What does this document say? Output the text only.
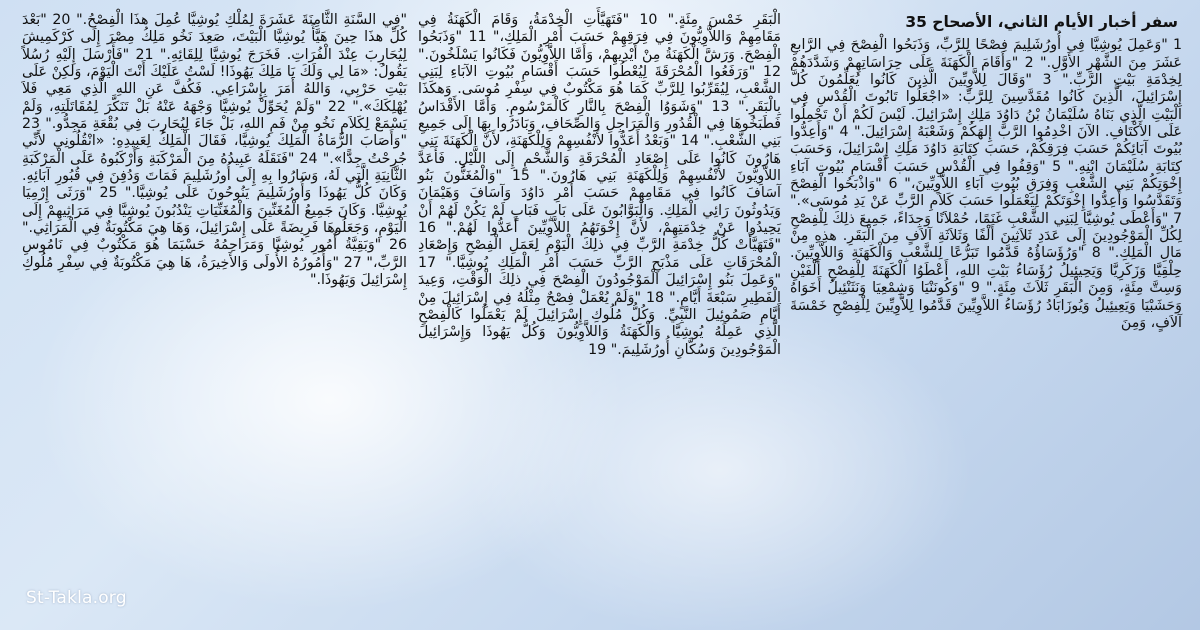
سفر أخبار الأيام الثاني، الأصحاح 35

1 "وَعَمِلَ يُوشِيَّا فِي أُورُشَلِيمَ فِصْحًا لِلرَّبِّ، وَذَبَحُوا الْفِصْحَ فِي الرَّابعِ عَشَرَ مِنَ الشَّهْرِ الأَوَّلِ." 2 "وَأَقَامَ الْكَهَنَةَ عَلَى حِرَاسَاتِهِمْ وَشَدَّدَهُمْ لِخِدْمَةِ بَيْتِ الرَّبِّ." 3 "وَقَالَ لِلاَّوِيِّينَ الَّذِينَ كَانُوا يُعَلِّمُونَ كُلَّ إِسْرَائِيلَ، الَّذِينَ كَانُوا مُقَدَّسِينَ لِلرَّبِّ: «اجْعَلُوا تَابُوتَ الْقُدْسِ فِي الْبَيْتِ الَّذِي بَنَاهُ سُلَيْمَانُ بْنُ دَاوُدَ مَلِكِ إِسْرَائِيلَ. لَيْسَ لَكُمْ أَنْ تَحْمِلُوا عَلَى الأَكْتَافِ. الآنَ اخْدِمُوا الرَّبَّ إِلهَكُمْ وَشَعْبَهُ إِسْرَائِيلَ." 4 "وَأَعِدُّوا بُيُوتَ آبَائِكُمْ حَسَبَ فِرَقِكُمْ، حَسَبَ كِتَابَةِ دَاوُدَ مَلِكِ إِسْرَائِيلَ، وَحَسَبَ كِتَابَةِ سُلَيْمَانَ ابْنِهِ." 5 "وَقِفُوا فِي الْقُدْسِ حَسَبَ أَقْسَامِ بُيُوتِ آبَاءِ إِخْوَتِكُمْ بَنِي الشَّعْبِ وَفِرَقِ بُيُوتِ آبَاءِ اللاَّوِيِّينَ،" 6 "وَاذْبَحُوا الْفِصْحَ وَتَقَدَّسُوا وَأَعِدُّوا إِخْوَتَكُمْ لِيَعْمَلُوا حَسَبَ كَلاَمِ الرَّبِّ عَنْ يَدِ مُوسَى»." 7 "وَأَعْطَى يُوشِيَّا لِبَنِي الشَّعْبِ غَنَمًا، حُمْلاَنًا وَجِدَاءً، جَمِيعَ ذلِكَ لِلْفِصْحِ لِكُلِّ الْمَوْجُودِينَ إِلَى عَدَدِ ثَلاَثِينَ أَلْفًا وَثَلاَثَةِ آلاَفٍ مِنَ الْبَقَرِ. هذِهِ مِنْ مَالِ الْمَلِكِ." 8 "وَرُؤَسَاؤُهُ قَدَّمُوا تَبَرُّعًا لِلشَّعْبِ وَالْكَهَنَةِ وَاللاَّوِيِّينَ. حِلْقِيَّا وَزَكَرِيَّا وَيَحِيئِيلُ رُؤَسَاءُ بَيْتِ اللهِ، أَعْطَوُا الْكَهَنَةَ لِلْفِصْحِ أَلْفَيْنِ وَسِتَّ مِئَةٍ، وَمِنَ الْبَقَرِ ثَلاَثَ مِئَةٍ." 9 "وَكُونَنْيَا وَشِمْعِيَا وَنَثَنْئِيلُ أَخَوَاهُ وَحَشَبْيَا وَيَعِيئِيلُ وَيُوزَابَادُ رُؤَسَاءُ اللاَّوِيِّينَ قَدَّمُوا لِلاَّوِيِّينَ لِلْفِصْحِ خَمْسَةَ آلاَفٍ، وَمِنَ

الْبَقَرِ خَمْسَ مِئَةٍ." 10 "فَتَهَيَّأَتِ الْخِدْمَةُ، وَقَامَ الْكَهَنَةُ فِي مَقَامِهِمْ وَاللاَّوِيُّونَ فِي فِرَقِهِمْ حَسَبَ أَمْرِ الْمَلِكِ،" 11 "وَذَبَحُوا الْفِصْحَ. وَرَشَّ الْكَهَنَةُ مِنْ أَيْدِيهِمْ، وَأَمَّا اللاَّوِيُّونَ فَكَانُوا يَسْلَخُونَ." 12 "وَرَفَعُوا الْمُحْرَقَةَ لِيُعْطُوا حَسَبَ أَقْسَامِ بُيُوتِ الآبَاءِ لِبَنِي الشَّعْبِ، لِيُقَرِّبُوا لِلرَّبِّ كَمَا هُوَ مَكْتُوبٌ فِي سِفْرِ مُوسَى. وَهكَذَا بِالْبَقَرِ." 13 "وَشَوَوُا الْفِصْحَ بِالنَّارِ كَالْمَرْسُومِ. وَأَمَّا الأَقْدَاسُ فَطَبَخُوهَا فِي الْقُدُورِ وَالْمَرَاجِلِ وَالصِّحَافِ، وَبَادَرُوا بِهَا إِلَى جَمِيعِ بَنِي الشَّعْبِ." 14 "وَبَعْدُ أَعَدُّوا لأَنْفُسِهِمْ وَلِلْكَهَنَةِ، لأَنَّ الْكَهَنَةَ بَنِي هَارُونَ كَانُوا عَلَى إِصْعَادِ الْمُحْرَقَةِ وَالشَّحْمِ إِلَى اللَّيْلِ. فَأَعَدَّ اللاَّوِيُّونَ لأَنْفُسِهِمْ وَلِلْكَهَنَةِ بَنِي هَارُونَ." 15 "وَالْمُغَنُّونَ بَنُو آسَافَ كَانُوا فِي مَقَامِهِمْ حَسَبَ أَمْرِ دَاوُدَ وَآسَافَ وَهَيْمَانَ وَيَدُوثُونَ رَائِي الْمَلِكِ. وَالْبَوَّابُونَ عَلَى بَابٍ فَبَابٍ لَمْ يَكُنْ لَهُمْ أَنْ يَحِيدُوا عَنْ خِدْمَتِهِمْ، لأَنَّ إِخْوَتَهُمُ اللاَّوِيِّينَ أَعَدُّوا لَهُمْ." 16 "فَتَهَيَّأَتْ كُلُّ خِدْمَةِ الرَّبِّ فِي ذلِكَ الْيَوْمِ لِعَمَلِ الْفِصْحِ وَإِصْعَادِ الْمُحْرَقَاتِ عَلَى مَذْبَحِ الرَّبِّ حَسَبَ أَمْرِ الْمَلِكِ يُوشِيَّا." 17 "وَعَمِلَ بَنُو إِسْرَائِيلَ الْمَوْجُودُونَ الْفِصْحَ فِي ذلِكَ الْوَقْتِ، وَعِيدَ الْفَطِيرِ سَبْعَةَ أَيَّامٍ." 18 "وَلَمْ يُعْمَلْ فِصْحٌ مِثْلُهُ فِي إِسْرَائِيلَ مِنْ أَيَّامِ صَمُوئِيلَ النَّبِيِّ. وَكُلُّ مُلُوكِ إِسْرَائِيلَ لَمْ يَعْمَلُوا كَالْفِصْحِ الَّذِي عَمِلَهُ يُوشِيَّا وَالْكَهَنَةُ وَاللاَّوِيُّونَ وَكُلُّ يَهُوذَا وَإِسْرَائِيلَ الْمَوْجُودِينَ وَسُكَّانِ أُورُشَلِيمَ." 19

"فِي السَّنَةِ الثَّامِنَةَ عَشَرَةَ لِمُلْكِ يُوشِيَّا عُمِلَ هذَا الْفِصْحُ." 20 "بَعْدَ كُلِّ هذَا حِينَ هَيَّأَ يُوشِيَّا الْبَيْتَ، صَعِدَ نَخُو مَلِكُ مِصْرَ إِلَى كَرْكَمِيشَ لِيُحَارِبَ عِنْدَ الْفُرَاتِ. فَخَرَجَ يُوشِيَّا لِلِقَائِهِ." 21 "فَأَرْسَلَ إِلَيْهِ رُسُلاً يَقُولُ: «مَا لِي وَلَكَ يَا مَلِكَ يَهُوذَا! لَسْتُ عَلَيْكَ أَنْتَ الْيَوْمَ، وَلكِنْ عَلَى بَيْتِ حَرْبِي، وَاللهُ أَمَرَ بِإِسْرَاعِي. فَكُفَّ عَنِ اللهِ الَّذِي مَعِي فَلاَ يُهْلِكَكَ»." 22 "وَلَمْ يُحَوِّلْ يُوشِيَّا وَجْهَهُ عَنْهُ بَلْ تَنَكَّرَ لِمُقَاتَلَتِهِ، وَلَمْ يَسْمَعْ لِكَلاَمِ نَخُو مِنْ فَمِ اللهِ، بَلْ جَاءَ لِيُحَارِبَ فِي بُقْعَةِ مَجِدُّو." 23 "وَأَصَابَ الرُّمَاةُ الْمَلِكَ يُوشِيَّا، فَقَالَ الْمَلِكُ لِعَبِيدِهِ: «انْقُلُونِي لأَنِّي جُرِحْتُ جِدًّا»." 24 "فَنَقَلَهُ عَبِيدُهُ مِنَ الْمَرْكَبَةِ وَأَرْكَبُوهُ عَلَى الْمَرْكَبَةِ الثَّانِيَةِ الَّتِي لَهُ، وَسَارُوا بِهِ إِلَى أُورُشَلِيمَ فَمَاتَ وَدُفِنَ فِي قُبُورِ آبَائِهِ. وَكَانَ كُلُّ يَهُوذَا وَأُورُشَلِيمَ يَنُوحُونَ عَلَى يُوشِيَّا." 25 "وَرَثَى إِرْمِيَا يُوشِيَّا. وَكَانَ جَمِيعُ الْمُغَنِّينَ وَالْمُغَنِّيَاتِ يَنْدُبُونَ يُوشِيَّا فِي مَرَاثِيهِمْ إِلَى الْيَوْمِ، وَجَعَلُوهَا فَرِيضَةً عَلَى إِسْرَائِيلَ، وَهَا هِيَ مَكْتُوبَةٌ فِي الْمَرَاثِي." 26 "وَبَقِيَّةُ أُمُورِ يُوشِيَّا وَمَرَاحِمُهُ حَسْبَمَا هُوَ مَكْتُوبٌ فِي نَامُوسِ الرَّبِّ،" 27 "وَأُمُورُهُ الأُولَى وَالأَخِيرَةُ، هَا هِيَ مَكْتُوبَةٌ فِي سِفْرِ مُلُوكِ إِسْرَائِيلَ وَيَهُوذَا."

St-Takla.org
